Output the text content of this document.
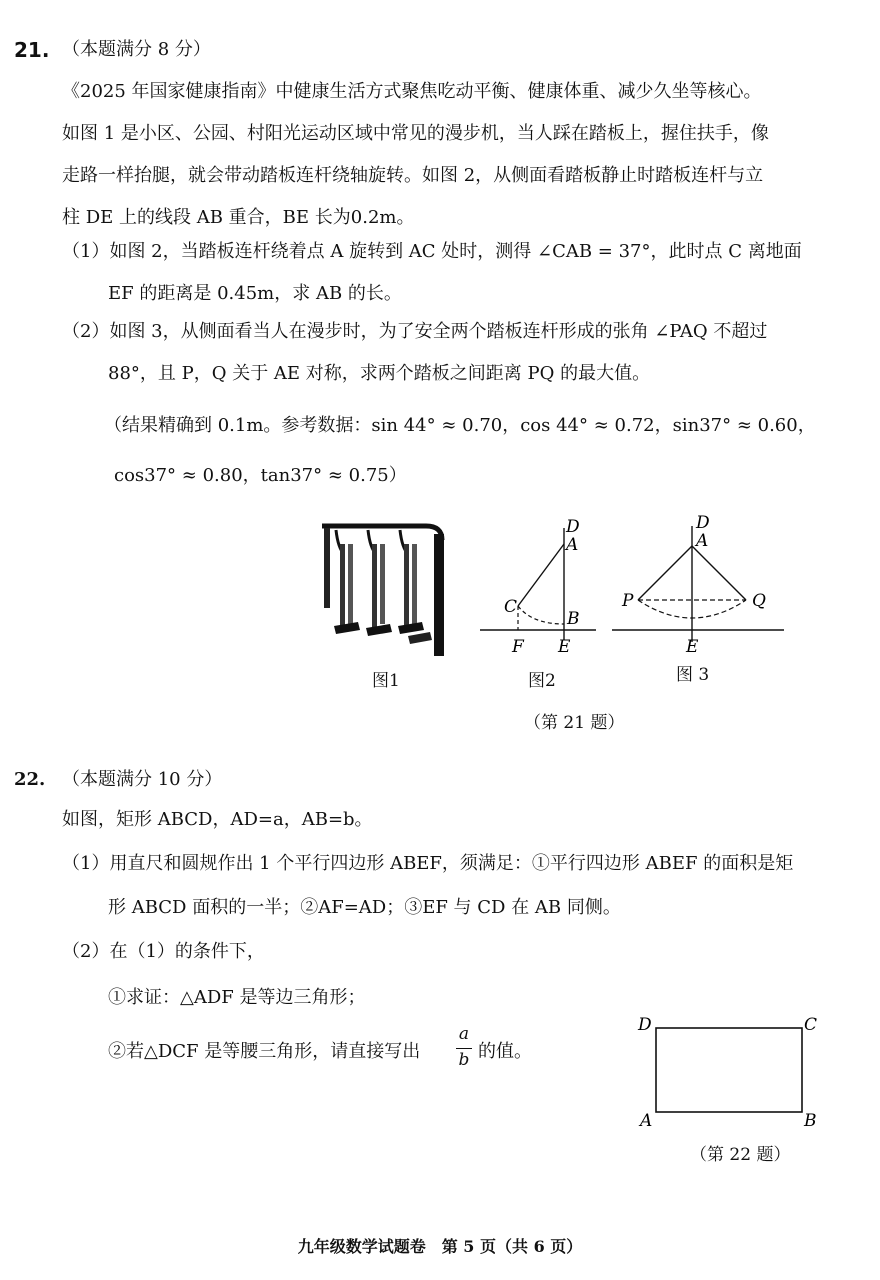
21. （本题满分 8 分）
《2025 年国家健康指南》中健康生活方式聚焦吃动平衡、健康体重、减少久坐等核心。
如图 1 是小区、公园、村阳光运动区域中常见的漫步机，当人踩在踏板上，握住扶手，像
走路一样抬腿，就会带动踏板连杆绕轴旋转。如图 2，从侧面看踏板静止时踏板连杆与立
柱 DE 上的线段 AB 重合，BE 长为0.2m。
（1）如图 2，当踏板连杆绕着点 A 旋转到 AC 处时，测得 ∠CAB = 37°，此时点 C 离地面
EF 的距离是 0.45m，求 AB 的长。
（2）如图 3，从侧面看当人在漫步时，为了安全两个踏板连杆形成的张角 ∠PAQ 不超过
88°，且 P，Q 关于 AE 对称，求两个踏板之间距离 PQ 的最大值。
（结果精确到 0.1m。参考数据：sin 44° ≈ 0.70，cos 44° ≈ 0.72，sin37° ≈ 0.60，
cos37° ≈ 0.80，tan37° ≈ 0.75）
图1
D
A
C
B
F E
图2
D
A
P	Q
E
图 3
（第 21 题）
22. （本题满分 10 分）
如图，矩形 ABCD，AD=a，AB=b。
（1）用直尺和圆规作出 1 个平行四边形 ABEF，须满足：①平行四边形 ABEF 的面积是矩
形 ABCD 面积的一半；②AF=AD；③EF 与 CD 在 AB 同侧。
（2）在（1）的条件下，
①求证：△ADF 是等边三角形；
②若△DCF 是等腰三角形，请直接写出
a
b 的值。
D	C
A	B
（第 22 题）
九年级数学试题卷　第 5 页（共 6 页）
